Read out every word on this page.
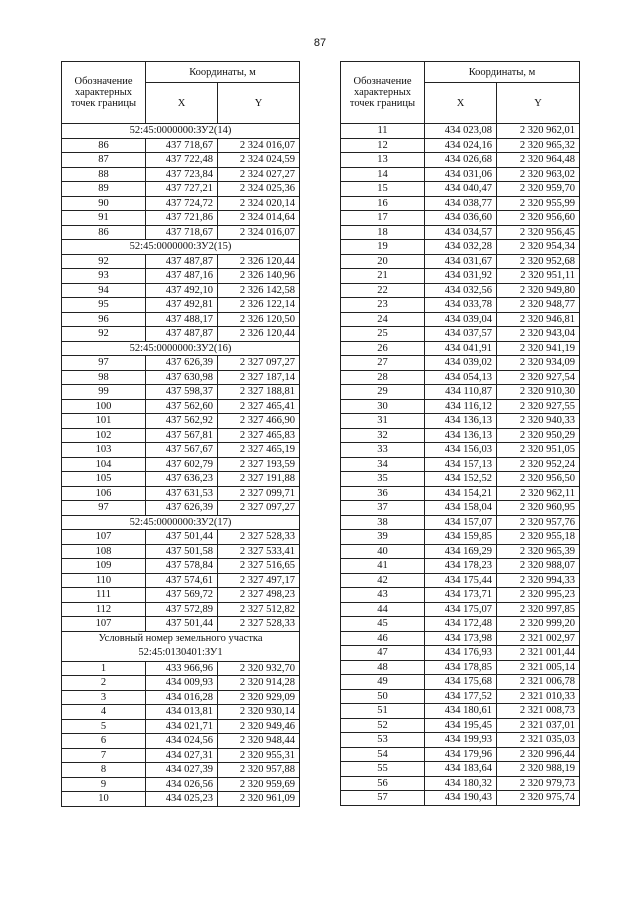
87
Обозначение характерных точек границы	Координаты, м	
	X	Y
52:45:0000000:ЗУ2(14)		
86	437 718,67	2 324 016,07
87	437 722,48	2 324 024,59
88	437 723,84	2 324 027,27
89	437 727,21	2 324 025,36
90	437 724,72	2 324 020,14
91	437 721,86	2 324 014,64
86	437 718,67	2 324 016,07
52:45:0000000:ЗУ2(15)		
92	437 487,87	2 326 120,44
93	437 487,16	2 326 140,96
94	437 492,10	2 326 142,58
95	437 492,81	2 326 122,14
96	437 488,17	2 326 120,50
92	437 487,87	2 326 120,44
52:45:0000000:ЗУ2(16)		
97	437 626,39	2 327 097,27
98	437 630,98	2 327 187,14
99	437 598,37	2 327 188,81
100	437 562,60	2 327 465,41
101	437 562,92	2 327 466,90
102	437 567,81	2 327 465,83
103	437 567,67	2 327 465,19
104	437 602,79	2 327 193,59
105	437 636,23	2 327 191,88
106	437 631,53	2 327 099,71
97	437 626,39	2 327 097,27
52:45:0000000:ЗУ2(17)		
107	437 501,44	2 327 528,33
108	437 501,58	2 327 533,41
109	437 578,84	2 327 516,65
110	437 574,61	2 327 497,17
111	437 569,72	2 327 498,23
112	437 572,89	2 327 512,82
107	437 501,44	2 327 528,33
Условный номер земельного участка 52:45:0130401:ЗУ1		
1	433 966,96	2 320 932,70
2	434 009,93	2 320 914,28
3	434 016,28	2 320 929,09
4	434 013,81	2 320 930,14
5	434 021,71	2 320 949,46
6	434 024,56	2 320 948,44
7	434 027,31	2 320 955,31
8	434 027,39	2 320 957,88
9	434 026,56	2 320 959,69
10	434 025,23	2 320 961,09
Обозначение характерных точек границы	Координаты, м	
	X	Y
11	434 023,08	2 320 962,01
12	434 024,16	2 320 965,32
13	434 026,68	2 320 964,48
14	434 031,06	2 320 963,02
15	434 040,47	2 320 959,70
16	434 038,77	2 320 955,99
17	434 036,60	2 320 956,60
18	434 034,57	2 320 956,45
19	434 032,28	2 320 954,34
20	434 031,67	2 320 952,68
21	434 031,92	2 320 951,11
22	434 032,56	2 320 949,80
23	434 033,78	2 320 948,77
24	434 039,04	2 320 946,81
25	434 037,57	2 320 943,04
26	434 041,91	2 320 941,19
27	434 039,02	2 320 934,09
28	434 054,13	2 320 927,54
29	434 110,87	2 320 910,30
30	434 116,12	2 320 927,55
31	434 136,13	2 320 940,33
32	434 136,13	2 320 950,29
33	434 156,03	2 320 951,05
34	434 157,13	2 320 952,24
35	434 152,52	2 320 956,50
36	434 154,21	2 320 962,11
37	434 158,04	2 320 960,95
38	434 157,07	2 320 957,76
39	434 159,85	2 320 955,18
40	434 169,29	2 320 965,39
41	434 178,23	2 320 988,07
42	434 175,44	2 320 994,33
43	434 173,71	2 320 995,23
44	434 175,07	2 320 997,85
45	434 172,48	2 320 999,20
46	434 173,98	2 321 002,97
47	434 176,93	2 321 001,44
48	434 178,85	2 321 005,14
49	434 175,68	2 321 006,78
50	434 177,52	2 321 010,33
51	434 180,61	2 321 008,73
52	434 195,45	2 321 037,01
53	434 199,93	2 321 035,03
54	434 179,96	2 320 996,44
55	434 183,64	2 320 988,19
56	434 180,32	2 320 979,73
57	434 190,43	2 320 975,74
